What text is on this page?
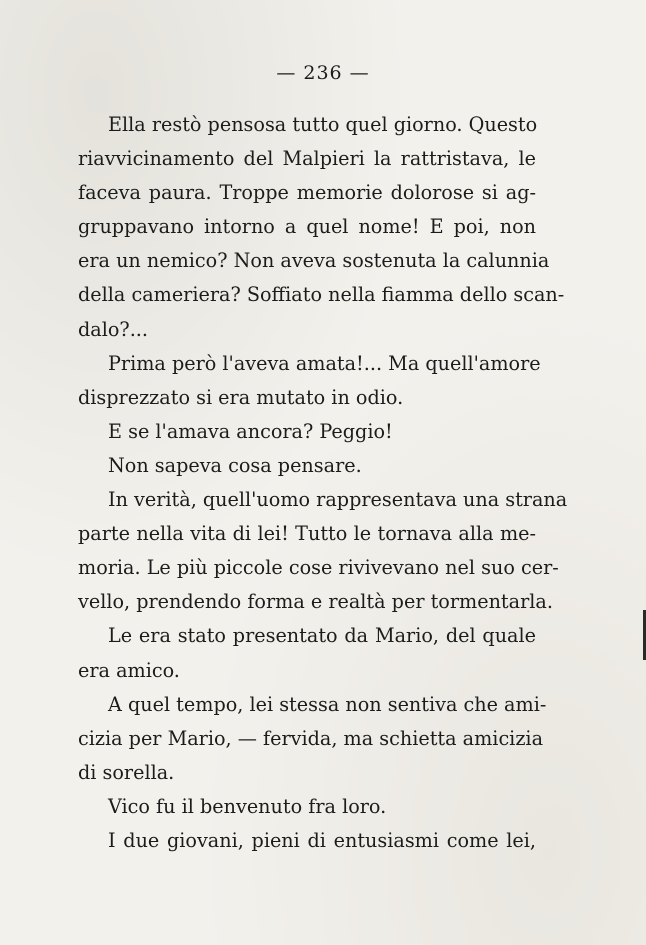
— 236 —
Ella restò pensosa tutto quel giorno. Questo
riavvicinamento del Malpieri la rattristava, le
faceva paura. Troppe memorie dolorose si ag-
gruppavano intorno a quel nome! E poi, non
era un nemico? Non aveva sostenuta la calunnia
della cameriera? Soffiato nella fiamma dello scan-
dalo?...
Prima però l'aveva amata!... Ma quell'amore
disprezzato si era mutato in odio.
E se l'amava ancora? Peggio!
Non sapeva cosa pensare.
In verità, quell'uomo rappresentava una strana
parte nella vita di lei! Tutto le tornava alla me-
moria. Le più piccole cose rivivevano nel suo cer-
vello, prendendo forma e realtà per tormentarla.
Le era stato presentato da Mario, del quale
era amico.
A quel tempo, lei stessa non sentiva che ami-
cizia per Mario, — fervida, ma schietta amicizia
di sorella.
Vico fu il benvenuto fra loro.
I due giovani, pieni di entusiasmi come lei,
